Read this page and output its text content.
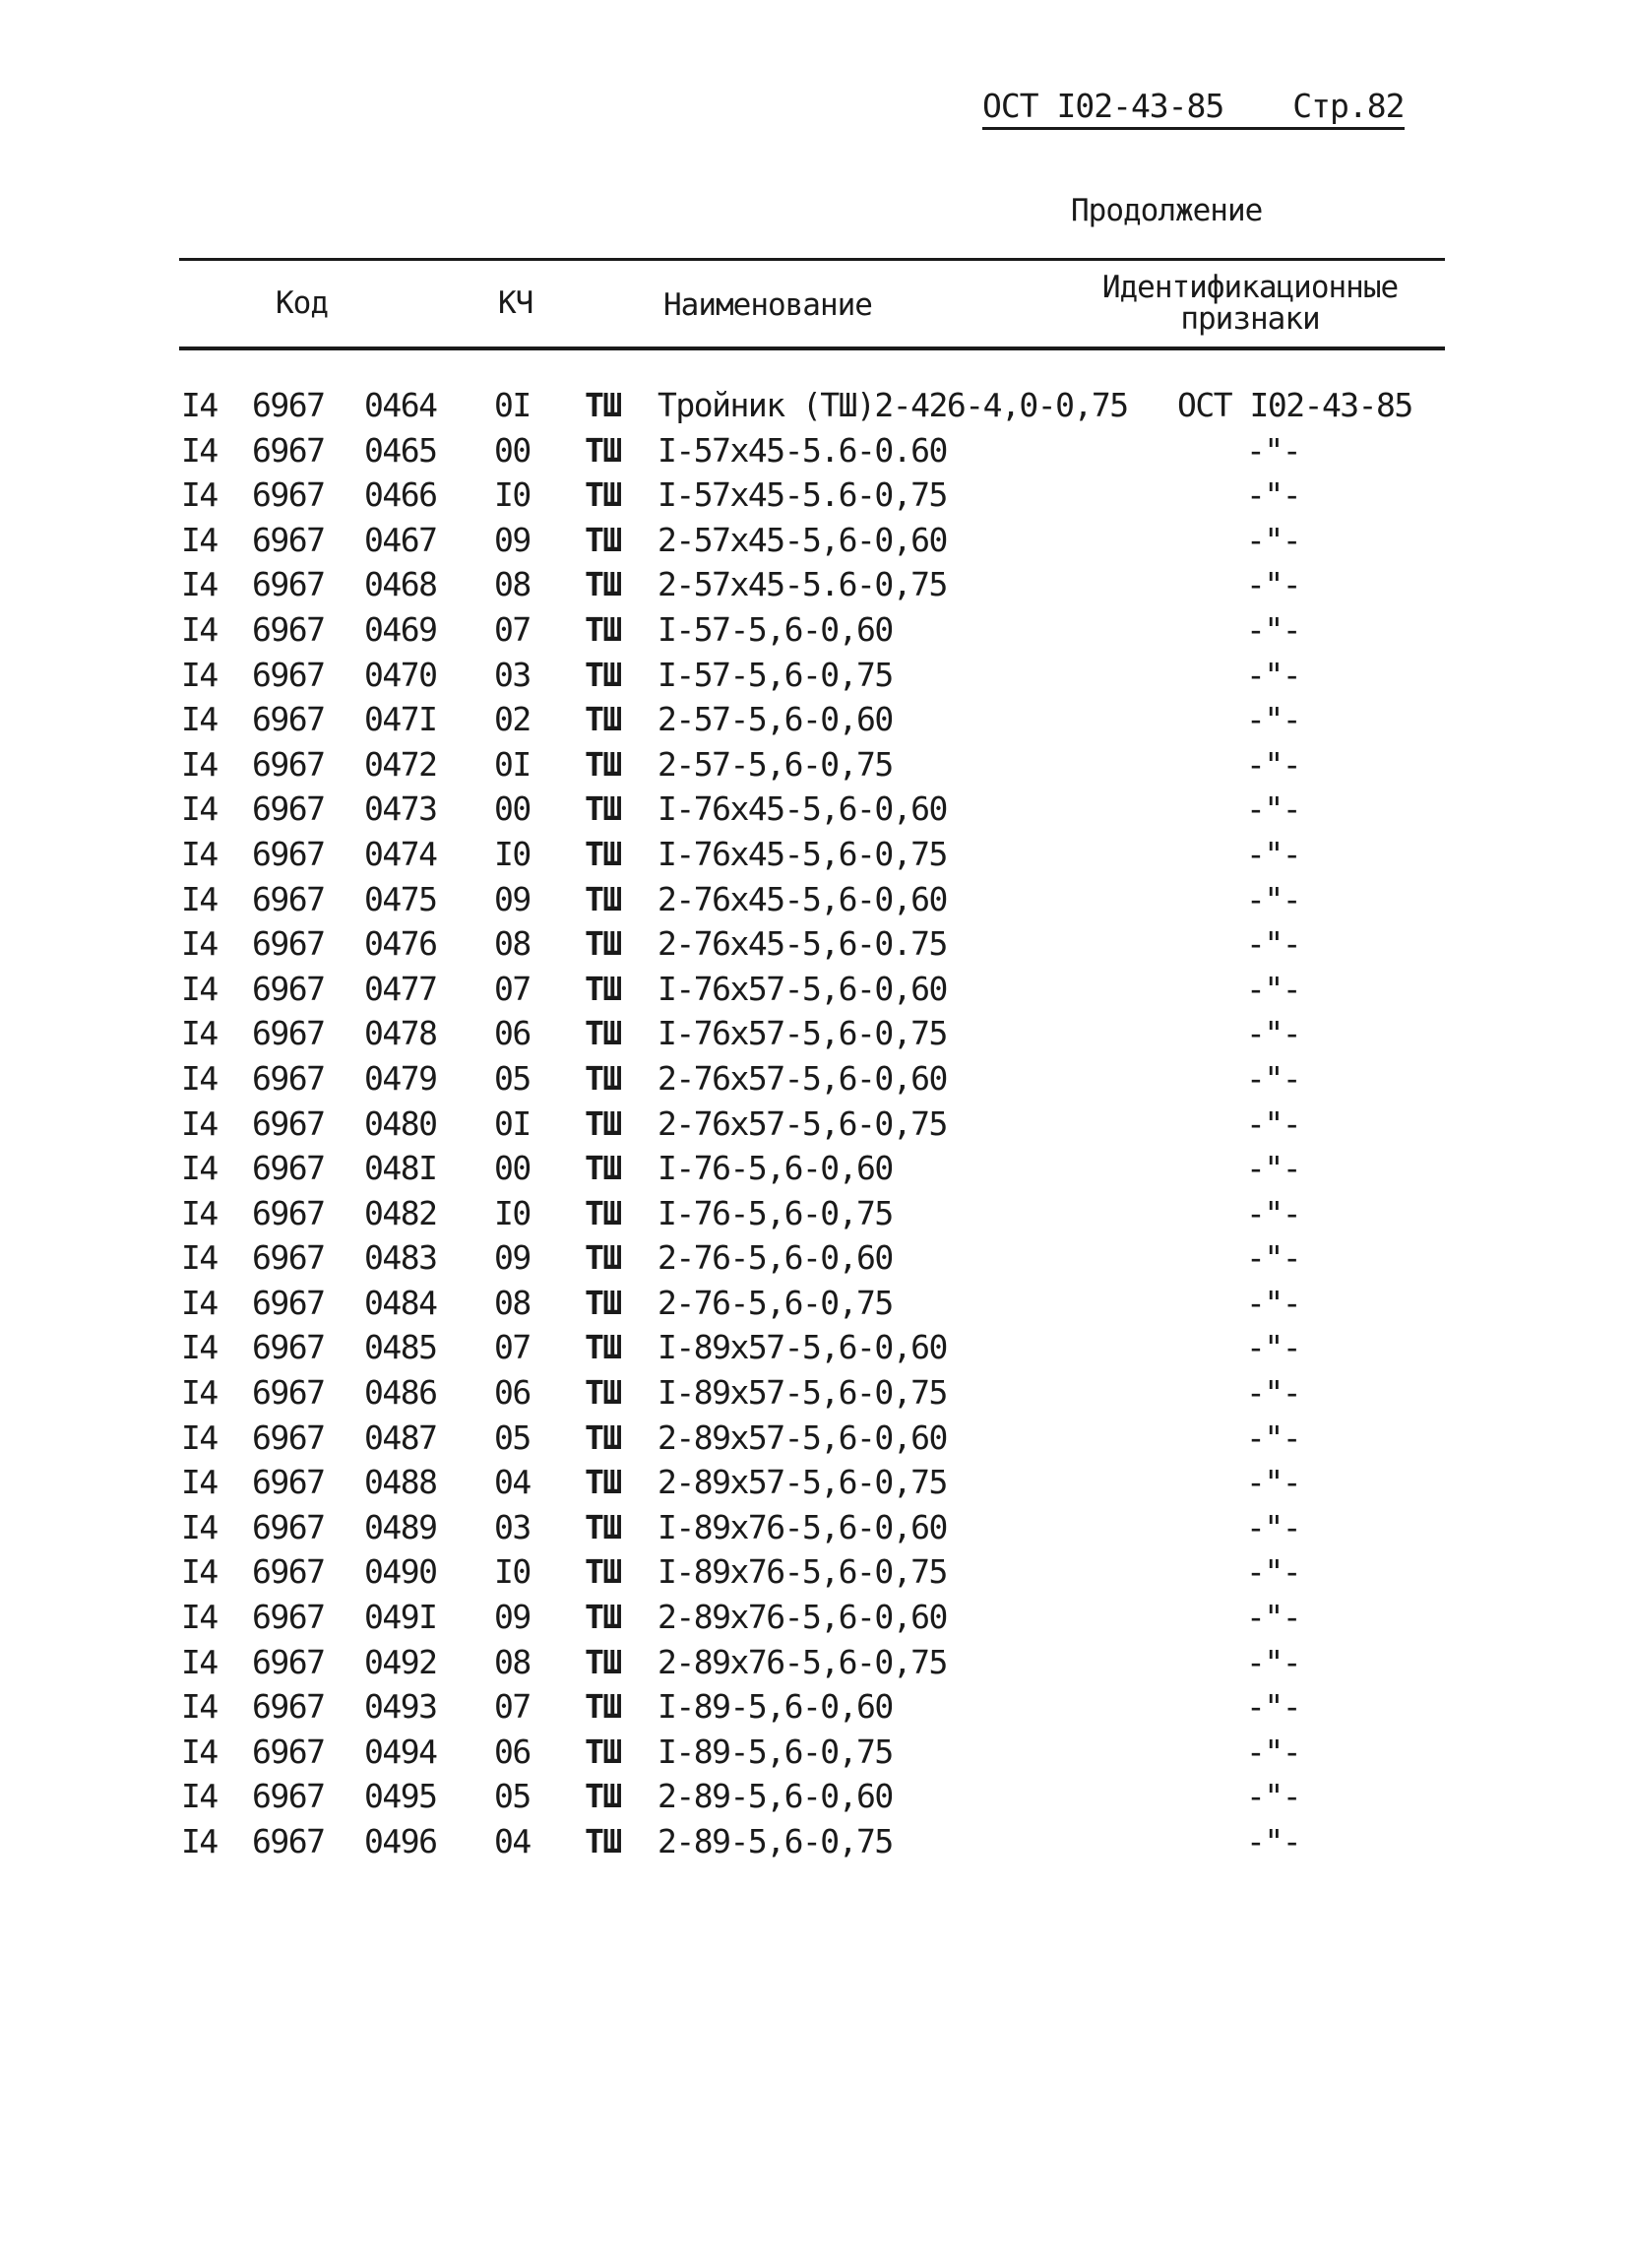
ОСТ I02-43-85 Стр.82
Продолжение
Код	КЧ	Наименование	Идентификационные
признаки
I4 6967 0464 0I ТШ Тройник (ТШ)2-426-4,0-0,75 ОСТ I02-43-85
I4 6967 0465 00 ТШ I-57x45-5.6-0.60	-"-
I4 6967 0466 I0 ТШ I-57x45-5.6-0,75	-"-
I4 6967 0467 09 ТШ 2-57x45-5,6-0,60	-"-
I4 6967 0468 08 ТШ 2-57x45-5.6-0,75	-"-
I4 6967 0469 07 ТШ I-57-5,6-0,60	-"-
I4 6967 0470 03 ТШ I-57-5,6-0,75	-"-
I4 6967 047I 02 ТШ 2-57-5,6-0,60	-"-
I4 6967 0472 0I ТШ 2-57-5,6-0,75	-"-
I4 6967 0473 00 ТШ I-76x45-5,6-0,60	-"-
I4 6967 0474 I0 ТШ I-76x45-5,6-0,75	-"-
I4 6967 0475 09 ТШ 2-76x45-5,6-0,60	-"-
I4 6967 0476 08 ТШ 2-76x45-5,6-0.75	-"-
I4 6967 0477 07 ТШ I-76x57-5,6-0,60	-"-
I4 6967 0478 06 ТШ I-76x57-5,6-0,75	-"-
I4 6967 0479 05 ТШ 2-76x57-5,6-0,60	-"-
I4 6967 0480 0I ТШ 2-76x57-5,6-0,75	-"-
I4 6967 048I 00 ТШ I-76-5,6-0,60	-"-
I4 6967 0482 I0 ТШ I-76-5,6-0,75	-"-
I4 6967 0483 09 ТШ 2-76-5,6-0,60	-"-
I4 6967 0484 08 ТШ 2-76-5,6-0,75	-"-
I4 6967 0485 07 ТШ I-89x57-5,6-0,60	-"-
I4 6967 0486 06 ТШ I-89x57-5,6-0,75	-"-
I4 6967 0487 05 ТШ 2-89x57-5,6-0,60	-"-
I4 6967 0488 04 ТШ 2-89x57-5,6-0,75	-"-
I4 6967 0489 03 ТШ I-89x76-5,6-0,60	-"-
I4 6967 0490 I0 ТШ I-89x76-5,6-0,75	-"-
I4 6967 049I 09 ТШ 2-89x76-5,6-0,60	-"-
I4 6967 0492 08 ТШ 2-89x76-5,6-0,75	-"-
I4 6967 0493 07 ТШ I-89-5,6-0,60	-"-
I4 6967 0494 06 ТШ I-89-5,6-0,75	-"-
I4 6967 0495 05 ТШ 2-89-5,6-0,60	-"-
I4 6967 0496 04 ТШ 2-89-5,6-0,75	-"-
